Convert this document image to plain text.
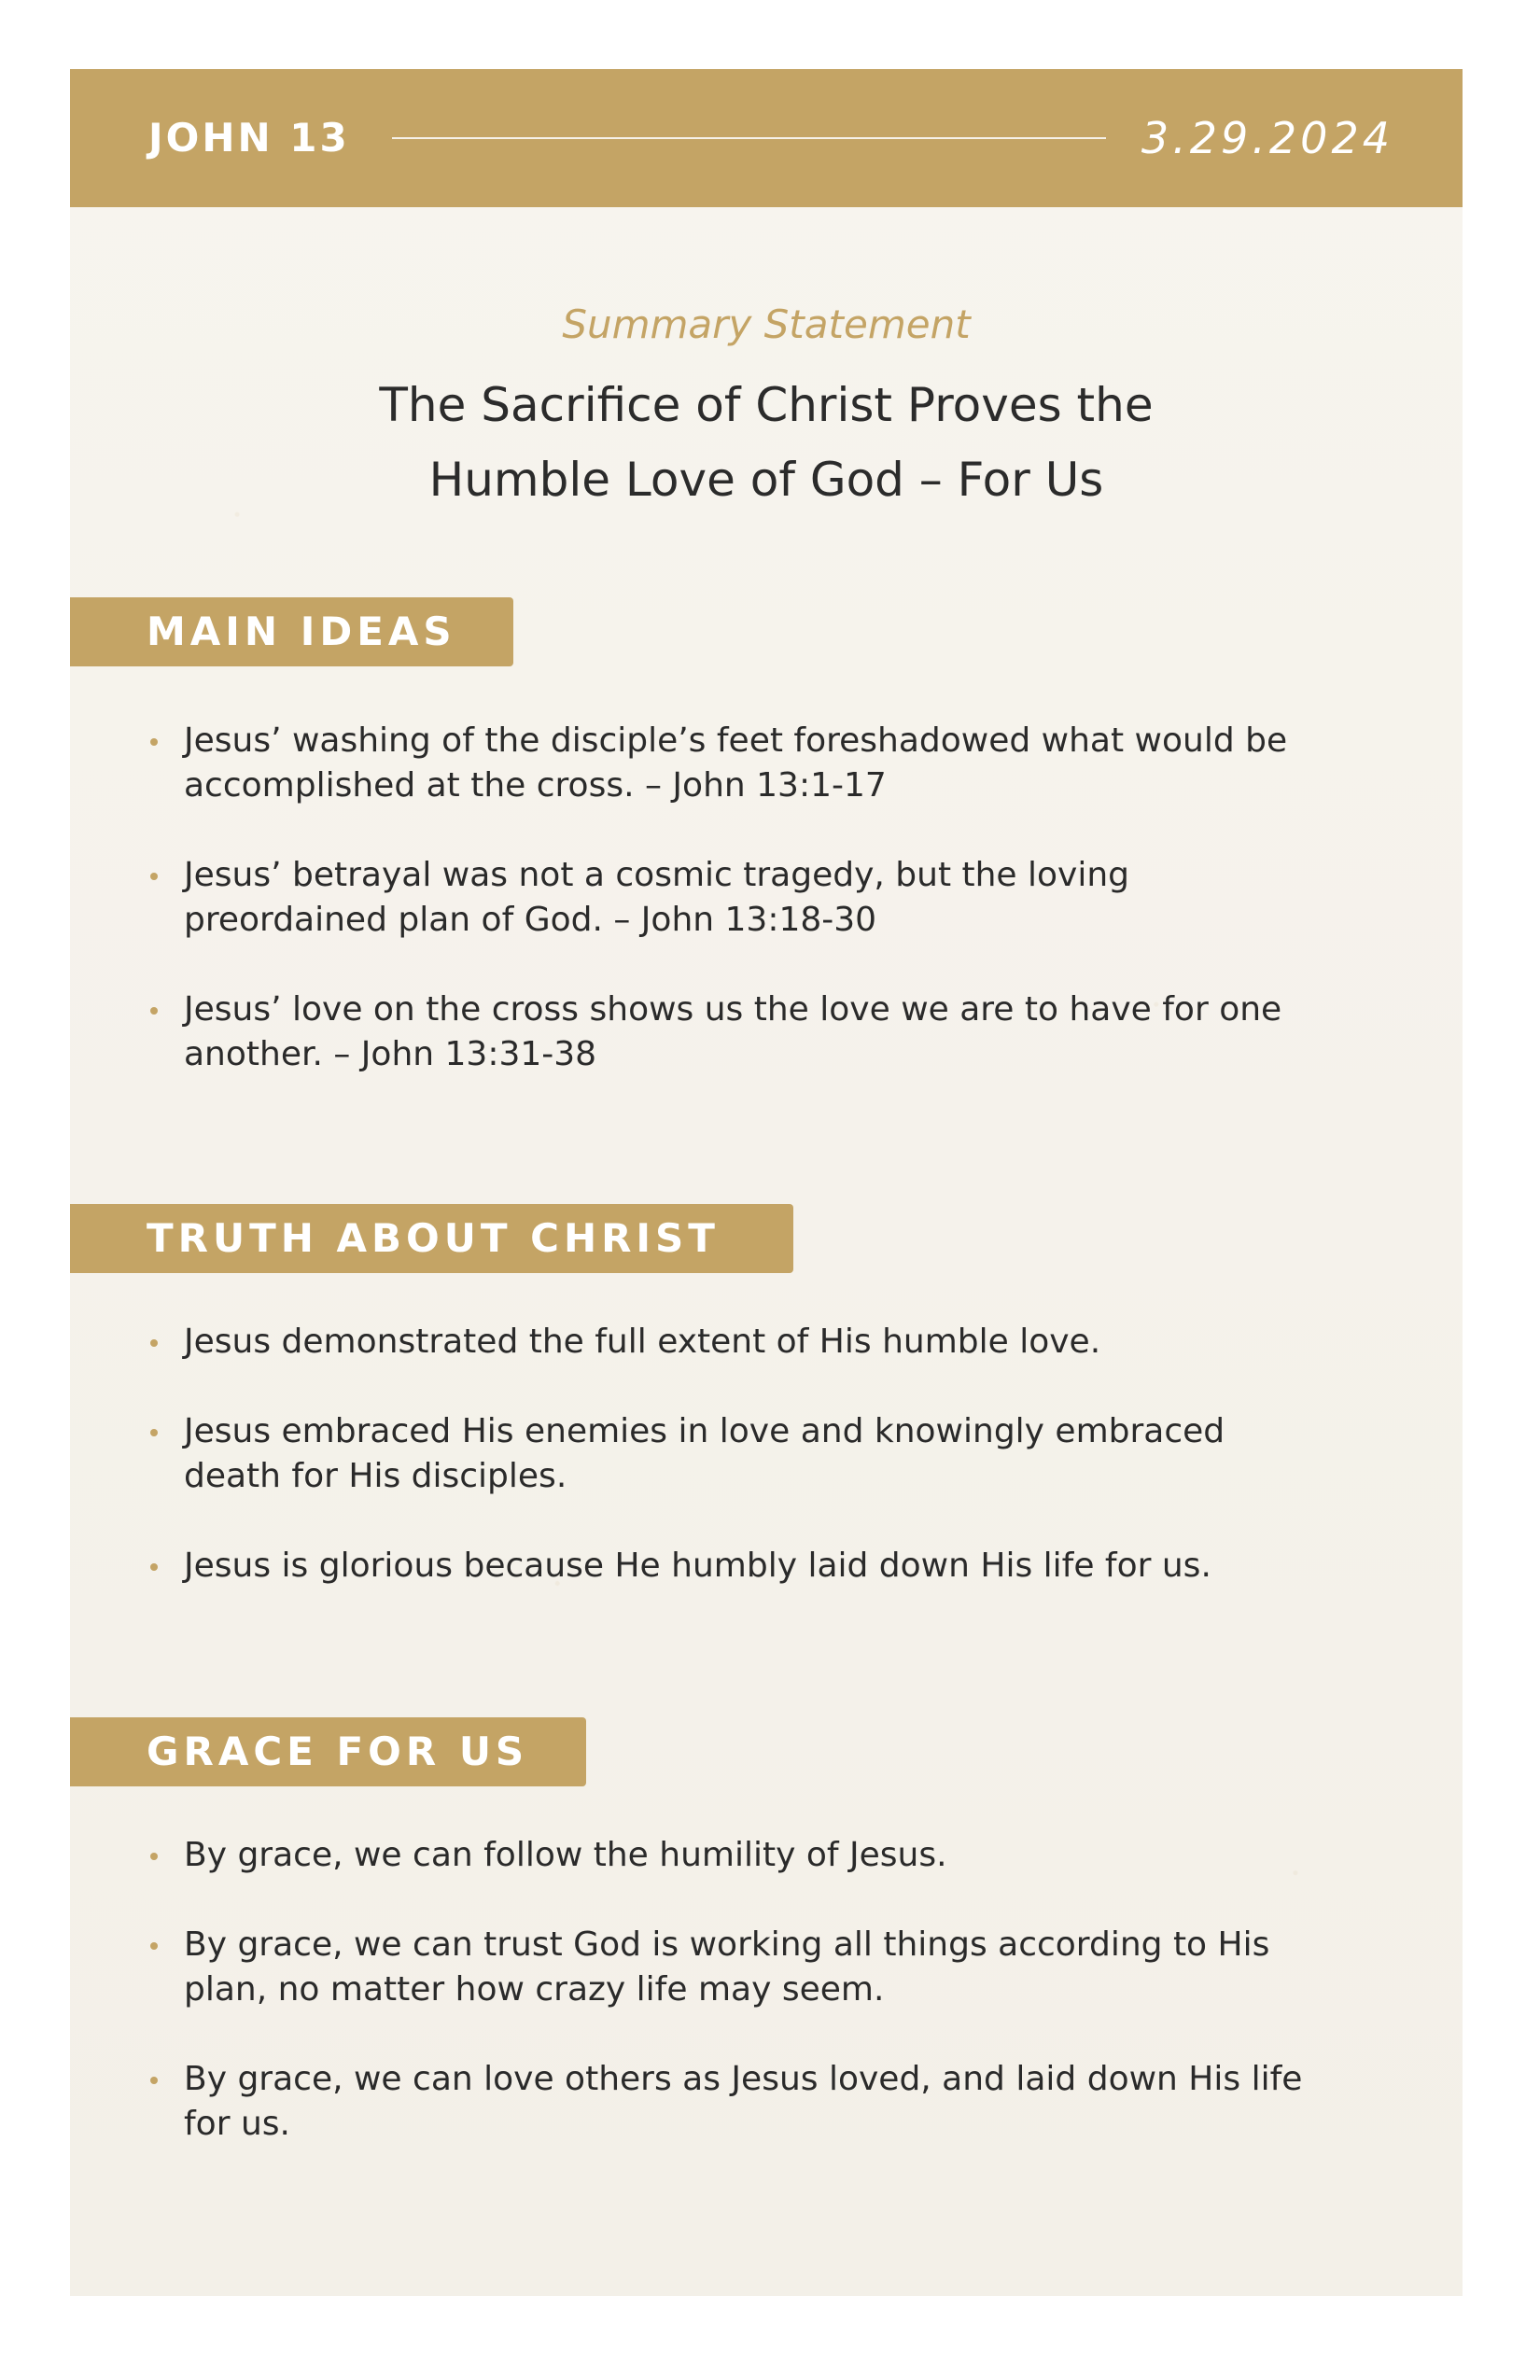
JOHN 13	3.29.2024
Summary Statement
The Sacrifice of Christ Proves the
Humble Love of God – For Us
MAIN IDEAS
Jesus’ washing of the disciple’s feet foreshadowed what would be accomplished at the cross. – John 13:1-17
Jesus’ betrayal was not a cosmic tragedy, but the loving preordained plan of God. – John 13:18-30
Jesus’ love on the cross shows us the love we are to have for one another. – John 13:31-38
TRUTH ABOUT CHRIST
Jesus demonstrated the full extent of His humble love.
Jesus embraced His enemies in love and knowingly embraced death for His disciples.
Jesus is glorious because He humbly laid down His life for us.
GRACE FOR US
By grace, we can follow the humility of Jesus.
By grace, we can trust God is working all things according to His plan, no matter how crazy life may seem.
By grace, we can love others as Jesus loved, and laid down His life for us.
